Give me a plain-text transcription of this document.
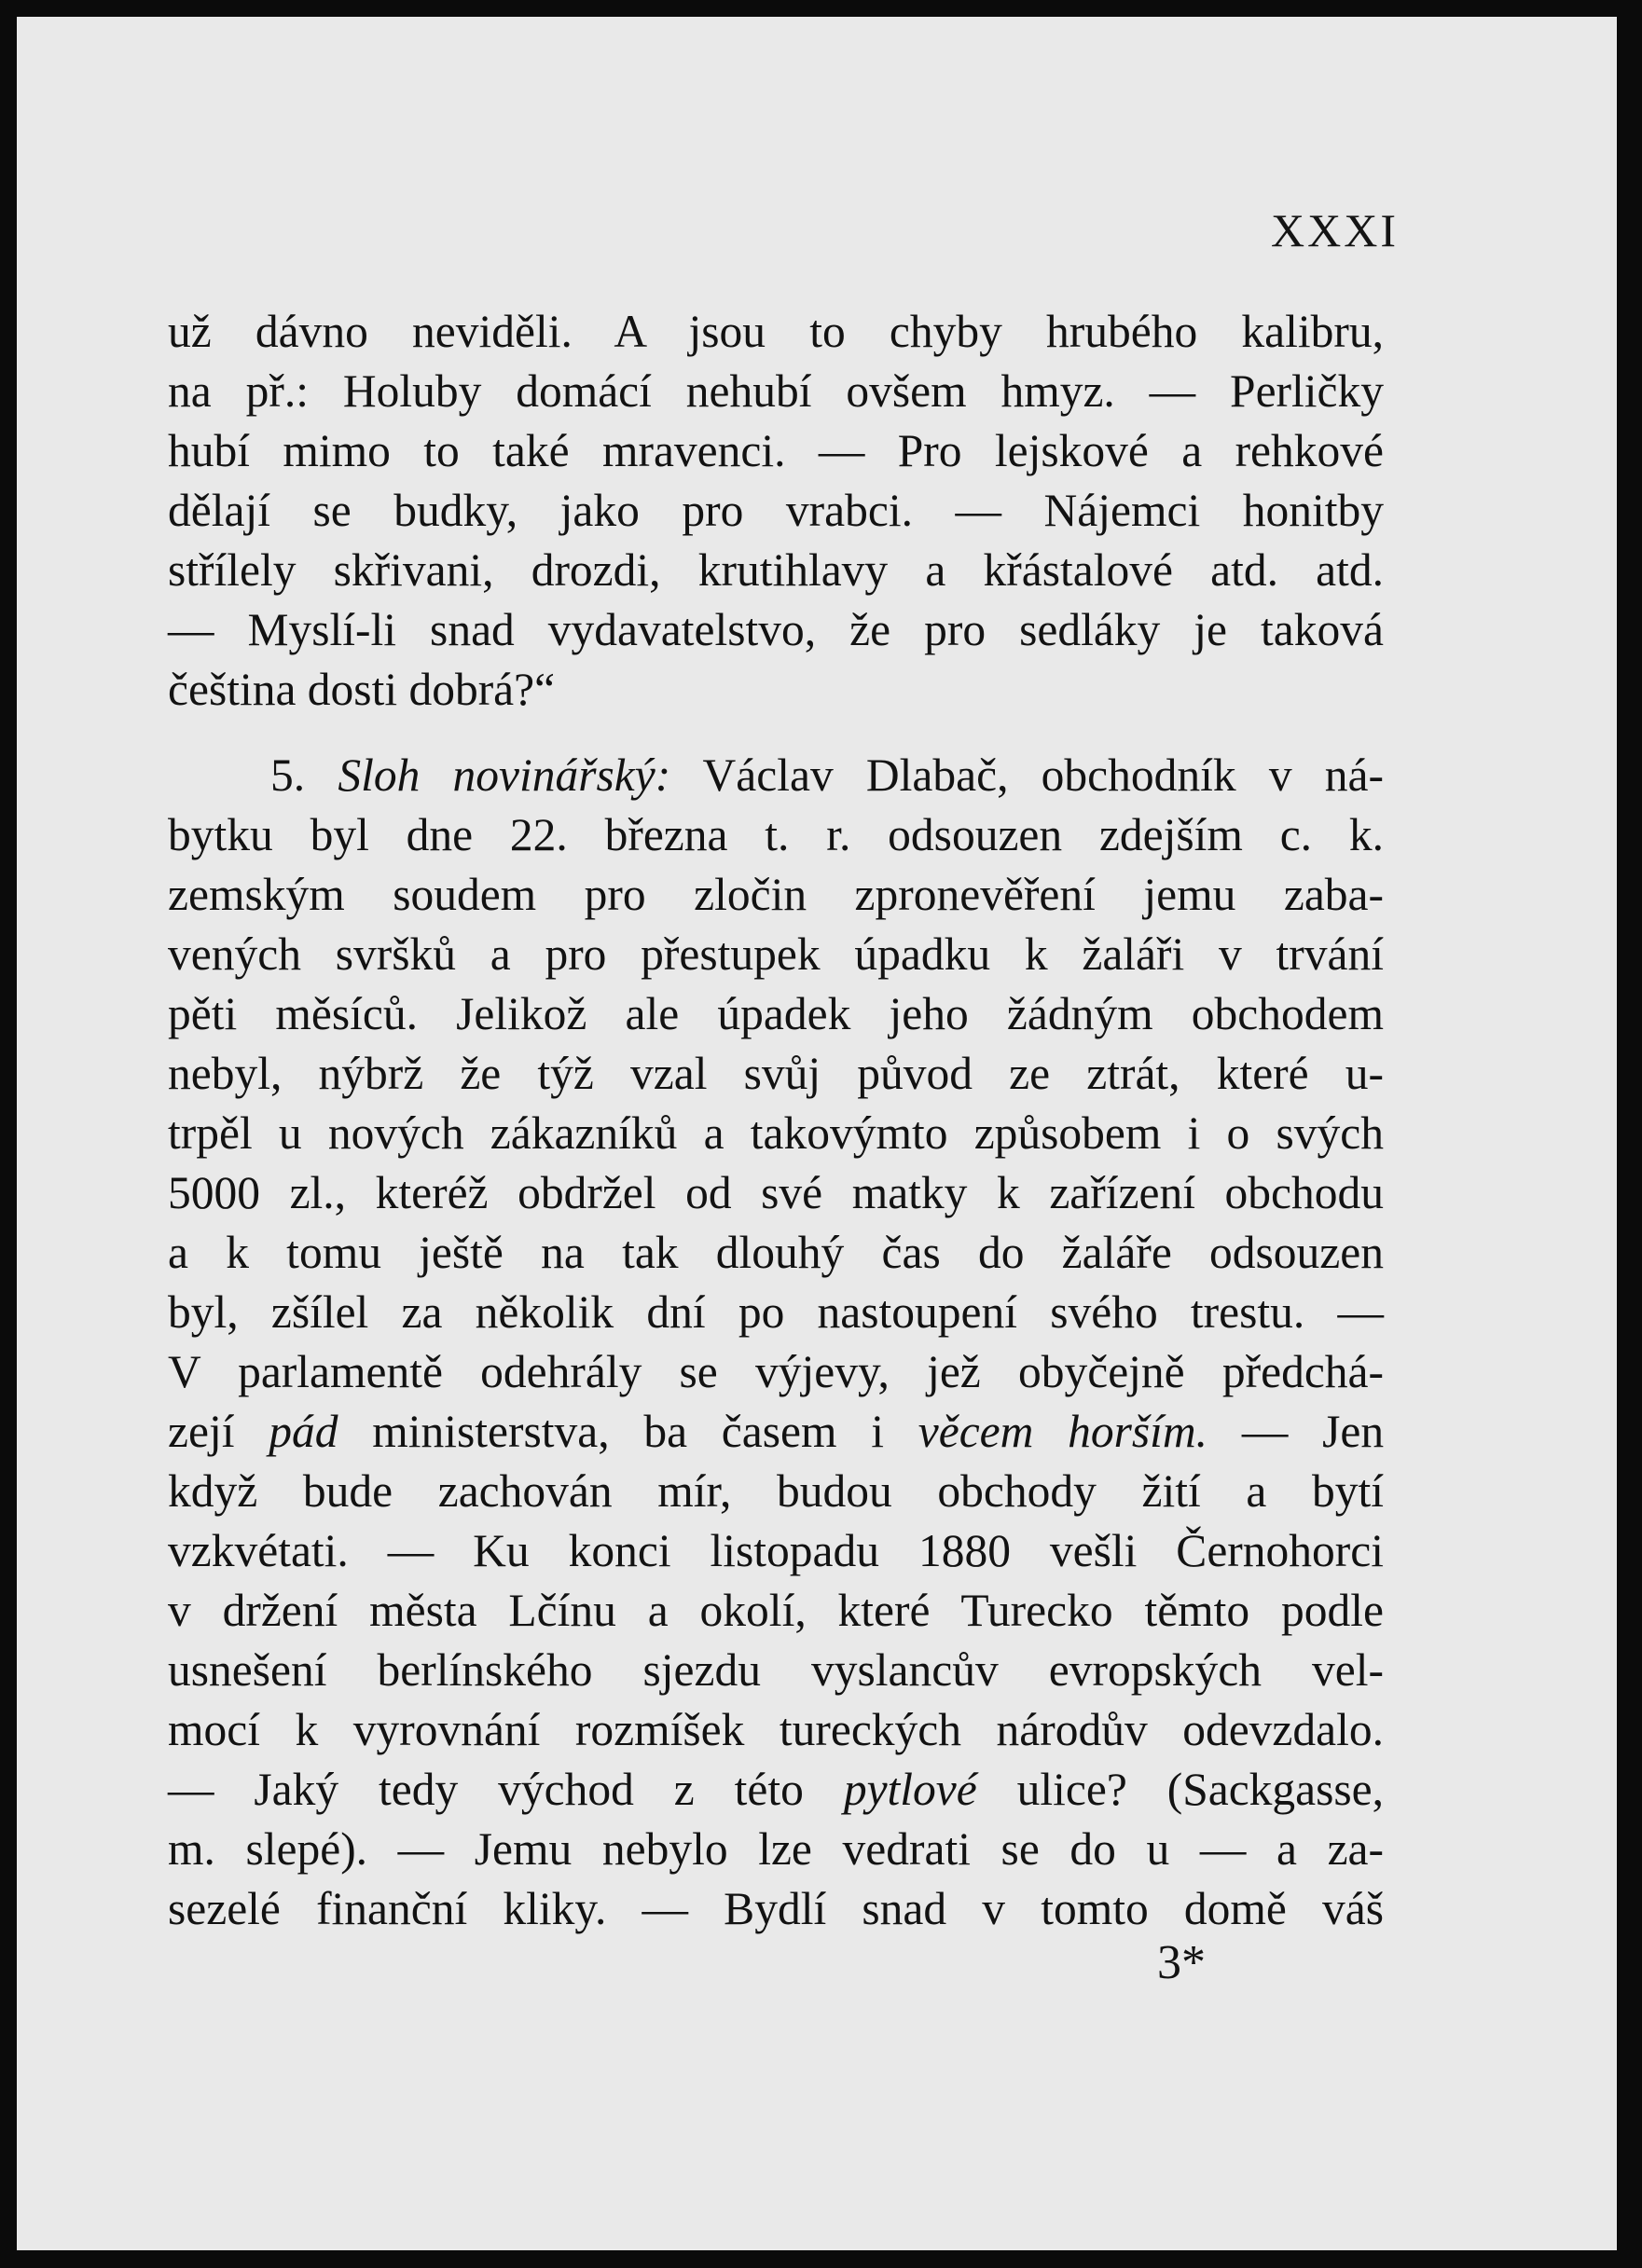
XXXI
už dávno neviděli. A jsou to chyby hrubého kalibru,
na př.: Holuby domácí nehubí ovšem hmyz. — Perličky
hubí mimo to také mravenci. — Pro lejskové a rehkové
dělají se budky, jako pro vrabci. — Nájemci honitby
střílely skřivani, drozdi, krutihlavy a křástalové atd. atd.
— Myslí-li snad vydavatelstvo, že pro sedláky je taková
čeština dosti dobrá?“
5. Sloh novinářský: Václav Dlabač, obchodník v ná-
bytku byl dne 22. března t. r. odsouzen zdejším c. k.
zemským soudem pro zločin zpronevěření jemu zaba-
vených svršků a pro přestupek úpadku k žaláři v trvání
pěti měsíců. Jelikož ale úpadek jeho žádným obchodem
nebyl, nýbrž že týž vzal svůj původ ze ztrát, které u-
trpěl u nových zákazníků a takovýmto způsobem i o svých
5000 zl., kteréž obdržel od své matky k zařízení obchodu
a k tomu ještě na tak dlouhý čas do žaláře odsouzen
byl, zšílel za několik dní po nastoupení svého trestu. —
V parlamentě odehrály se výjevy, jež obyčejně předchá-
zejí pád ministerstva, ba časem i věcem horším. — Jen
když bude zachován mír, budou obchody žití a bytí
vzkvétati. — Ku konci listopadu 1880 vešli Černohorci
v držení města Lčínu a okolí, které Turecko těmto podle
usnešení berlínského sjezdu vyslancův evropských vel-
mocí k vyrovnání rozmíšek tureckých národův odevzdalo.
— Jaký tedy východ z této pytlové ulice? (Sackgasse,
m. slepé). — Jemu nebylo lze vedrati se do u — a za-
sezelé finanční kliky. — Bydlí snad v tomto domě váš
3*
